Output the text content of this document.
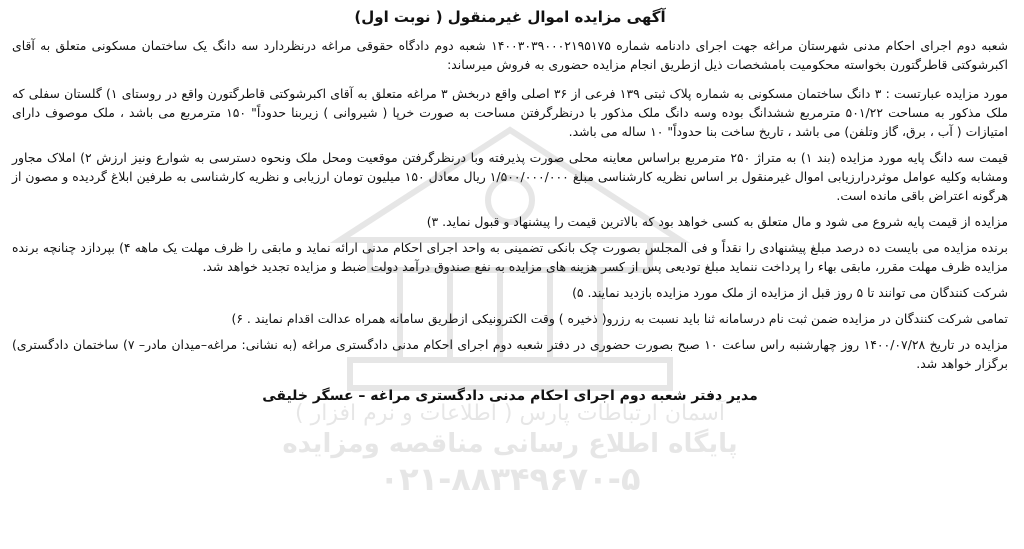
آسمان ارتباطات پارس ( اطلاعات و نرم افزار )
پایگاه اطلاع رسانی مناقصه ومزایده
۰۲۱-۸۸۳۴۹۶۷۰-۵
آگهی مزایده اموال غیرمنقول ( نوبت اول)

شعبه دوم اجرای احکام مدنی شهرستان مراغه جهت اجرای دادنامه شماره ۱۴۰۰۳۰۳۹۰۰۰۲۱۹۵۱۷۵ شعبه دوم دادگاه حقوقی مراغه درنظردارد سه دانگ یک ساختمان مسکونی متعلق به آقای اکبرشوکتی قاطرگتورن بخواسته محکومیت بامشخصات ذیل ازطریق انجام مزایده حضوری به فروش میرساند:

مورد مزایده عبارتست : ۳ دانگ ساختمان مسکونی به شماره پلاک ثبتی ۱۳۹ فرعی از ۳۶ اصلی واقع دربخش ۳ مراغه متعلق به آقای اکبرشوکتی قاطرگتورن واقع در روستای ۱) گلستان سفلی که ملک مذکور به مساحت ۵۰۱/۲۲ مترمربع ششدانگ بوده وسه دانگ ملک مذکور با درنظرگرفتن مساحت به صورت خرپا ( شیروانی ) زیربنا حدوداً" ۱۵۰ مترمربع می باشد ، ملک موصوف دارای امتیازات ( آب ، برق، گاز وتلفن) می باشد ، تاریخ ساخت بنا حدوداً" ۱۰ ساله می باشد.

قیمت سه دانگ پایه مورد مزایده (بند ۱) به متراژ ۲۵۰ مترمربع براساس معاینه محلی صورت پذیرفته وبا درنظرگرفتن موقعیت ومحل ملک ونحوه دسترسی به شوارع ونیز ارزش ۲) املاک مجاور ومشابه وکلیه عوامل موثردرارزیابی اموال غیرمنقول بر اساس نظریه کارشناسی مبلغ ۱/۵۰۰/۰۰۰/۰۰۰ ریال معادل ۱۵۰ میلیون تومان ارزیابی و نظریه کارشناسی به طرفین ابلاغ گردیده و مصون از هرگونه اعتراض باقی مانده است.

مزایده از قیمت پایه شروع می شود و مال متعلق به کسی خواهد بود که بالاترین قیمت را پیشنهاد و قبول نماید. ۳)

برنده مزایده می بایست ده درصد مبلغ پیشنهادی را نقداً و فی المجلس بصورت چک بانکی تضمینی به واحد اجرای احکام مدنی ارائه نماید و مابقی را ظرف مهلت یک ماهه ۴) بپردازد چنانچه برنده مزایده ظرف مهلت مقرر، مابقی بهاء را پرداخت ننماید مبلغ تودیعی پس از کسر هزینه های مزایده به نفع صندوق درآمد دولت ضبط و مزایده تجدید خواهد شد.

شرکت کنندگان می توانند تا ۵ روز قبل از مزایده از ملک مورد مزایده بازدید نمایند. ۵)

تمامی شرکت کنندگان در مزایده ضمن ثبت نام درسامانه ثنا باید نسبت به رزرو( ذخیره ) وقت الکترونیکی ازطریق سامانه همراه عدالت اقدام نمایند . ۶)

مزایده در تاریخ ۱۴۰۰/۰۷/۲۸ روز چهارشنبه راس ساعت ۱۰ صبح بصورت حضوری در دفتر شعبه دوم اجرای احکام مدنی دادگستری مراغه (به نشانی: مراغه–میدان مادر– ۷) ساختمان دادگستری) برگزار خواهد شد.

مدیر دفتر شعبه دوم اجرای احکام مدنی دادگستری مراغه – عسگر خلیقی
